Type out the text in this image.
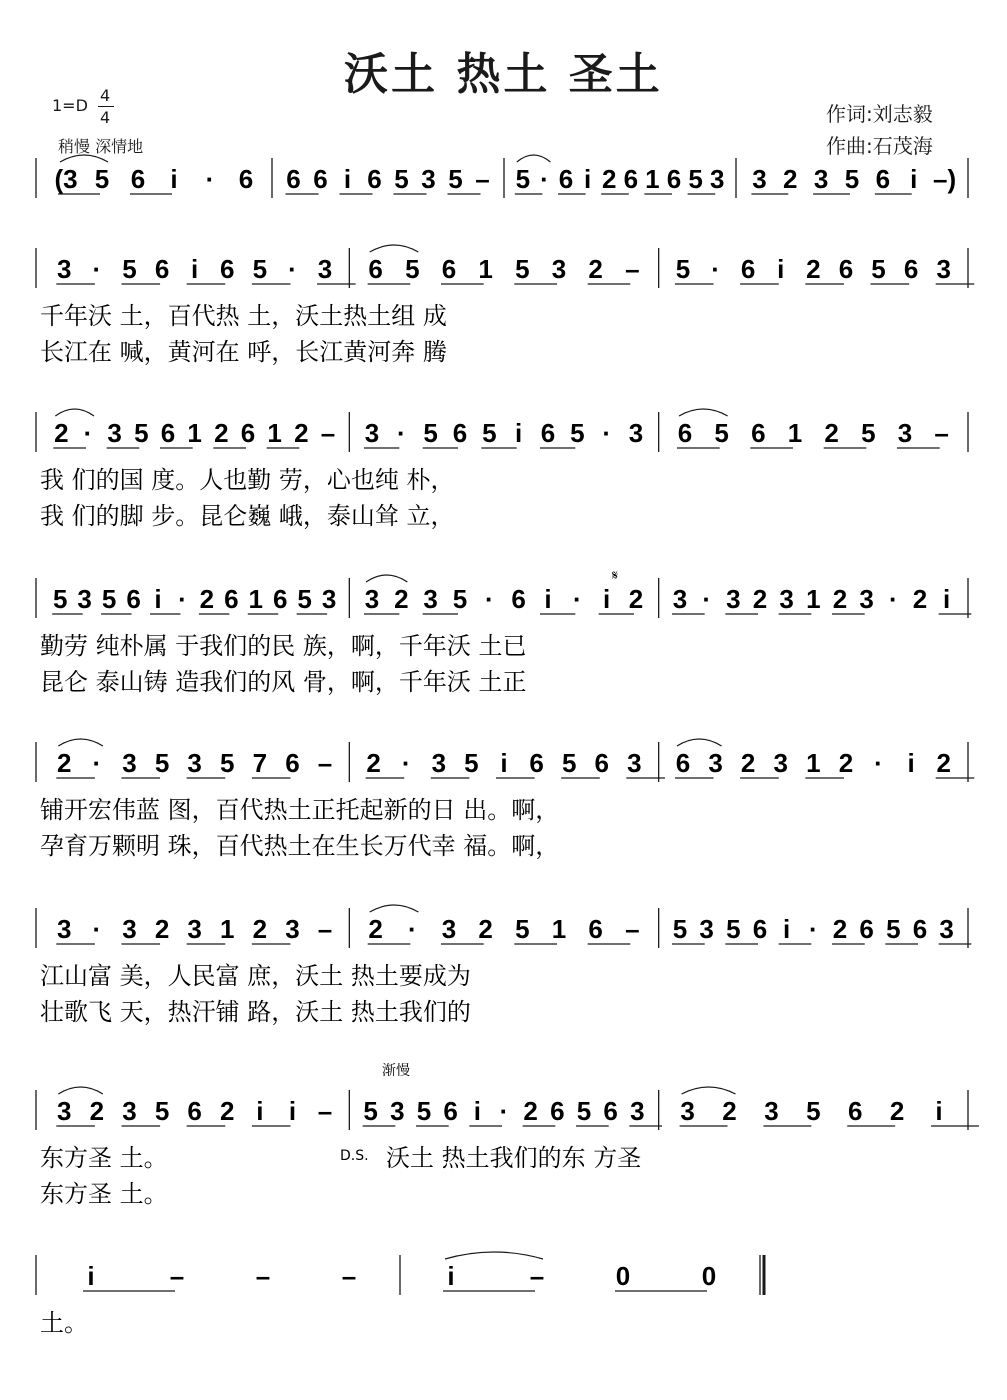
沃土 热土 圣土
1=D
4
4
稍慢 深情地
作词:刘志毅
作曲:石茂海
(3 5 6 i · 6 6 6 i 6 5 3 5 – 5 · 6 i 2 6 1 6 5 3 3 2 3 5 6 i –)
3 · 5 6 i 6 5 · 3 6 5 6 1 5 3 2 – 5 · 6 i 2 6 5 6 3
千年沃 土，百代热 土，沃土热土组 成
长江在 喊，黄河在 呼，长江黄河奔 腾
2 · 3 5 6 1 2 6 1 2 – 3 · 5 6 5 i 6 5 · 3 6 5 6 1 2 5 3 –
我 们的国 度。人也勤 劳，心也纯 朴，
我 们的脚 步。昆仑巍 峨，泰山耸 立，
5 3 5 6 i · 2 6 1 6 5 3 3 2 3 5 · 6 i · i 2 3 · 3 2 3 1 2 3 · 2 i
勤劳 纯朴属 于我们的民 族，啊，千年沃 土已
昆仑 泰山铸 造我们的风 骨，啊，千年沃 土正
2 · 3 5 3 5 7 6 – 2 · 3 5 i 6 5 6 3 6 3 2 3 1 2 · i 2
铺开宏伟蓝 图，百代热土正托起新的日 出。啊，
孕育万颗明 珠，百代热土在生长万代幸 福。啊，
3 · 3 2 3 1 2 3 – 2 · 3 2 5 1 6 – 5 3 5 6 i · 2 6 5 6 3
江山富 美，人民富 庶，沃土 热土要成为
壮歌飞 天，热汗铺 路，沃土 热土我们的
3 2 3 5 6 2 i i – 5 3 5 6 i · 2 6 5 6 3 3 2 3 5 6 2 i
东方圣 土。
东方圣 土。
沃土 热土我们的东 方圣
i	–	–	–	i	–	0	0
土。
渐慢
D.S.
𝄋
